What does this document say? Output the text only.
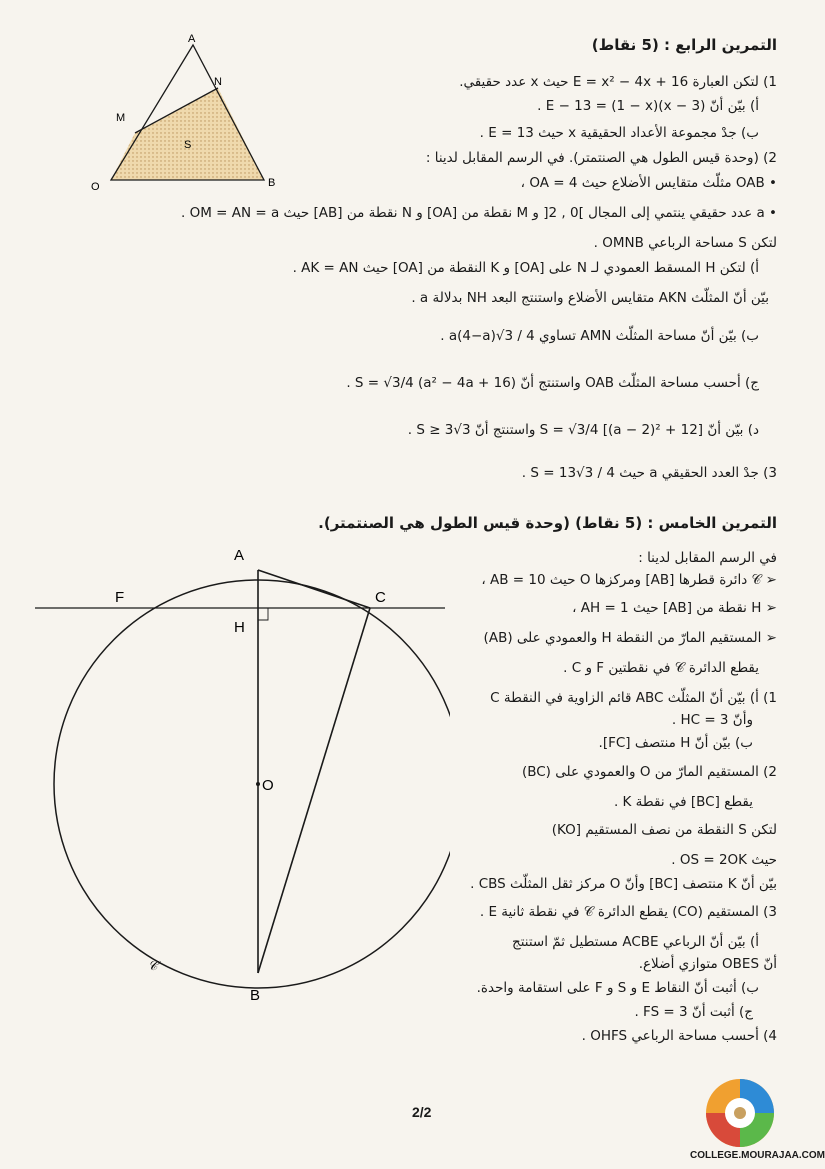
A
N
M
S
O	B
التمرين الرابع : (5 نقاط)
1) لتكن العبارة E = x² − 4x + 16 حيث x عدد حقيقي.
أ) بيّن أنّ (3 − x)(1 − x) = E − 13 .
ب) جدْ مجموعة الأعداد الحقيقية x حيث E = 13 .
2) (وحدة قيس الطول هي الصنتمتر). في الرسم المقابل لدينا :
• OAB مثلّث متقايس الأضلاع حيث OA = 4 ،
• a عدد حقيقي ينتمي إلى المجال ]0 , 2[ و M نقطة من [OA] و N نقطة من [AB] حيث OM = AN = a .
لتكن S مساحة الرباعي OMNB .
أ) لتكن H المسقط العمودي لـ N على [OA] و K النقطة من [OA] حيث AK = AN .
بيّن أنّ المثلّث AKN متقايس الأضلاع واستنتج البعد NH بدلالة a .
ب) بيّن أنّ مساحة المثلّث AMN تساوي a(4−a)√3 / 4 .
ج) أحسب مساحة المثلّث OAB واستنتج أنّ S = √3/4 (a² − 4a + 16) .
د) بيّن أنّ S = √3/4 [(a − 2)² + 12] واستنتج أنّ S ≥ 3√3 .
3) جدْ العدد الحقيقي a حيث S = 13√3 / 4 .
التمرين الخامس : (5 نقاط) (وحدة قيس الطول هي الصنتمتر).
A
F	C
H
O
B
𝒞
في الرسم المقابل لدينا :
➢ 𝒞 دائرة قطرها [AB] ومركزها O حيث AB = 10 ،
➢ H نقطة من [AB] حيث AH = 1 ،
➢ المستقيم المارّ من النقطة H والعمودي على (AB)
يقطع الدائرة 𝒞 في نقطتين F و C .
1) أ) بيّن أنّ المثلّث ABC قائم الزاوية في النقطة C
وأنّ HC = 3 .
ب) بيّن أنّ H منتصف [FC].
2) المستقيم المارّ من O والعمودي على (BC)
يقطع [BC] في نقطة K .
لتكن S النقطة من نصف المستقيم [KO)
حيث OS = 2OK .
بيّن أنّ K منتصف [BC] وأنّ O مركز ثقل المثلّث CBS .
3) المستقيم (CO) يقطع الدائرة 𝒞 في نقطة ثانية E .
أ) بيّن أنّ الرباعي ACBE مستطيل ثمّ استنتج
أنّ OBES متوازي أضلاع.
ب) أثبت أنّ النقاط E و S و F على استقامة واحدة.
ج) أثبت أنّ FS = 3 .
4) أحسب مساحة الرباعي OHFS .
2/2
COLLEGE.MOURAJAA.COM
